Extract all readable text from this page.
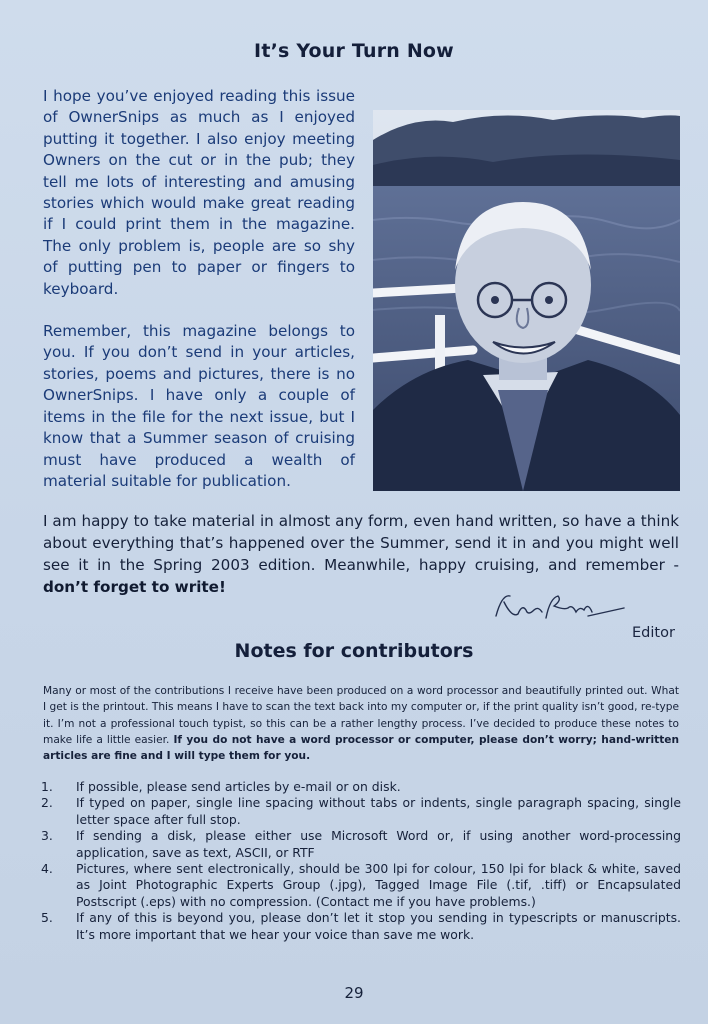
It’s Your Turn Now

I hope you’ve enjoyed reading this issue of OwnerSnips as much as I enjoyed putting it together. I also enjoy meeting Owners on the cut or in the pub; they tell me lots of interesting and amusing stories which would make great reading if I could print them in the magazine. The only problem is, people are so shy of putting pen to paper or fingers to keyboard.

Remember, this magazine belongs to you. If you don’t send in your articles, stories, poems and pictures, there is no OwnerSnips. I have only a couple of items in the file for the next issue, but I know that a Summer season of cruising must have produced a wealth of material suitable for publication.

I am happy to take material in almost any form, even hand written, so have a think about everything that’s happened over the Summer, send it in and you might well see it in the Spring 2003 edition. Meanwhile, happy cruising, and remember - don’t forget to write!
Editor
Notes for contributors
Many or most of the contributions I receive have been produced on a word processor and beautifully printed out. What I get is the printout. This means I have to scan the text back into my computer or, if the print quality isn’t good, re-type it. I’m not a professional touch typist, so this can be a rather lengthy process. I’ve decided to produce these notes to make life a little easier. If you do not have a word processor or computer, please don’t worry; hand-written articles are fine and I will type them for you.
1.	If possible, please send articles by e-mail or on disk.
2.	If typed on paper, single line spacing without tabs or indents, single paragraph spacing, single letter space after full stop.
3.	If sending a disk, please either use Microsoft Word or, if using another word-processing application, save as text, ASCII, or RTF
4.	Pictures, where sent electronically, should be 300 lpi for colour, 150 lpi for black & white, saved as Joint Photographic Experts Group (.jpg), Tagged Image File (.tif, .tiff) or Encapsulated Postscript (.eps) with no compression. (Contact me if you have problems.)
5.	If any of this is beyond you, please don’t let it stop you sending in typescripts or manuscripts. It’s more important that we hear your voice than save me work.
29
